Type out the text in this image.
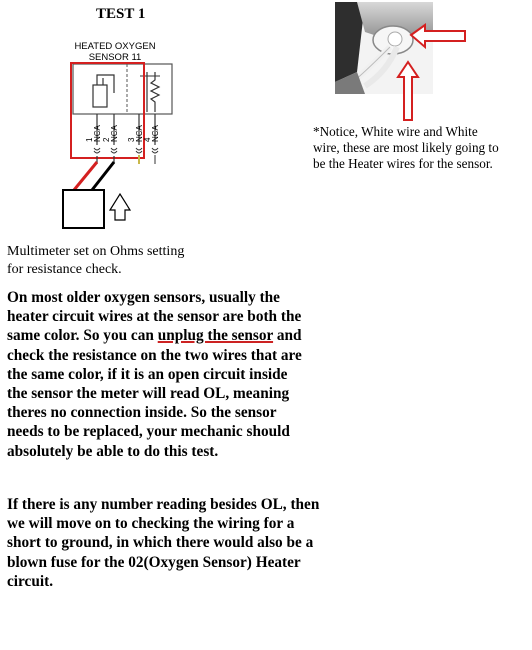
TEST 1
HEATED OXYGEN
SENSOR 11
1 NCA 2 NCA 3 NCA 4 NCA	*Notice, White wire and White
wire, these are most likely going to
be the Heater wires for the sensor.
Multimeter set on Ohms setting
for resistance check.
On most older oxygen sensors, usually the
heater circuit wires at the sensor are both the
same color. So you can unplug the sensor and
check the resistance on the two wires that are
the same color, if it is an open circuit inside
the sensor the meter will read OL, meaning
theres no connection inside. So the sensor
needs to be replaced, your mechanic should
absolutely be able to do this test.
If there is any number reading besides OL, then
we will move on to checking the wiring for a
short to ground, in which there would also be a
blown fuse for the 02(Oxygen Sensor) Heater
circuit.
